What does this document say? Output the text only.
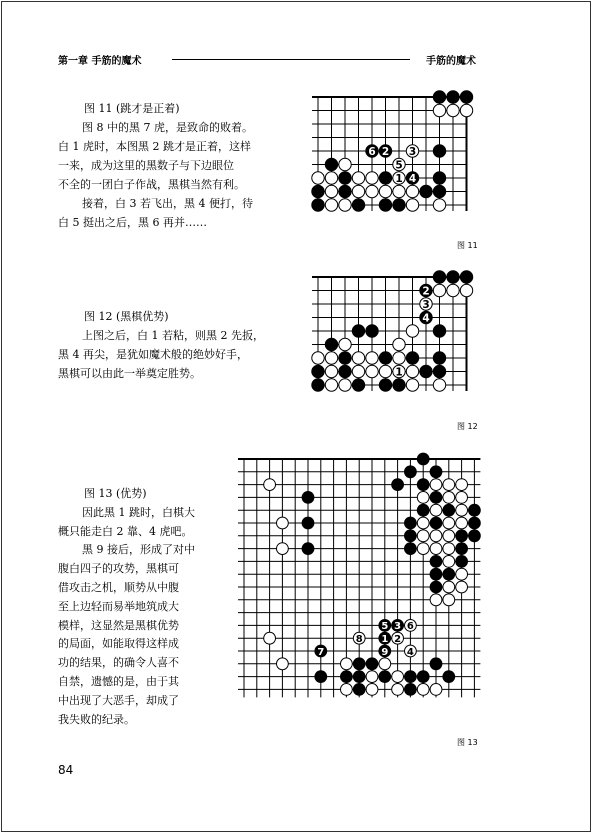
第一章 手筋的魔术	手筋的魔术

图 11 (跳才是正着)

图 8 中的黑 7 虎，是致命的败着。

白 1 虎时，本图黑 2 跳才是正着，这样

一来，成为这里的黑数子与下边眼位

不全的一团白子作战，黑棋当然有利。

接着，白 3 若飞出，黑 4 便打，待

白 5 挺出之后，黑 6 再并……

6 2 3
5
1 4
图 11

图 12 (黑棋优势)

上图之后，白 1 若粘，则黑 2 先扳，

黑 4 再尖，是犹如魔术般的绝妙好手，

黑棋可以由此一举奠定胜势。

2
3
4
1
图 12

图 13 (优势)

因此黑 1 跳时，白棋大

概只能走白 2 靠、4 虎吧。

黑 9 接后，形成了对中

腹白四子的攻势，黑棋可

借攻击之机，顺势从中腹

至上边轻而易举地筑成大

模样，这显然是黑棋优势

的局面，如能取得这样成

功的结果，的确令人喜不

自禁，遗憾的是，由于其

中出现了大恶手，却成了

我失败的纪录。

5 3 6
8 1 2
7	9 4
图 13
84
